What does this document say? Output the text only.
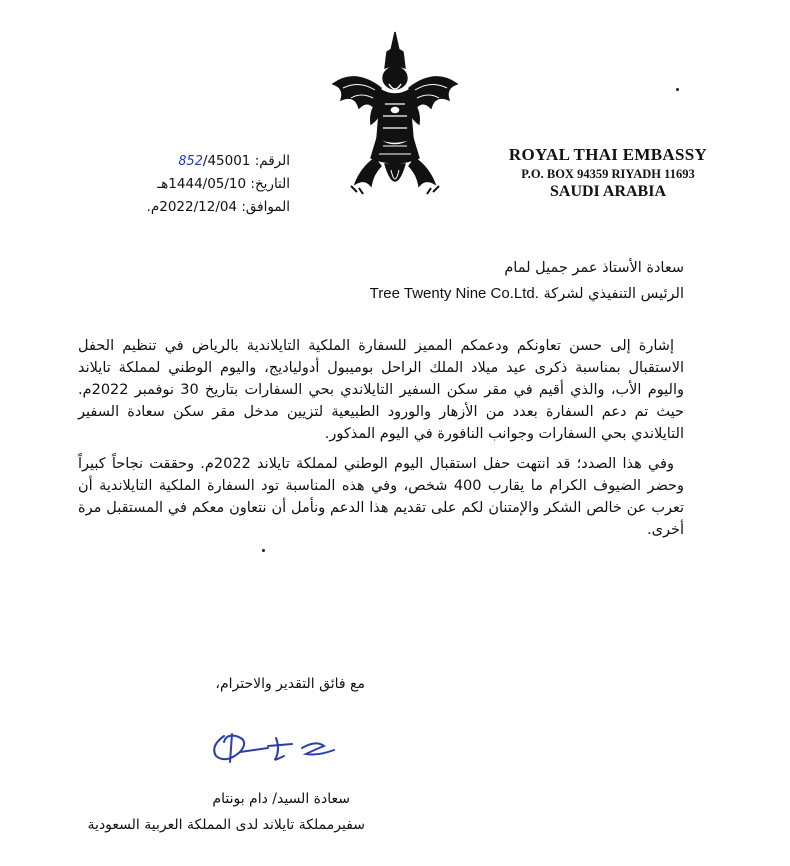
الرقم: 852/45001
التاريخ: 1444/05/10هـ
الموافق: 2022/12/04م.
ROYAL THAI EMBASSY
P.O. BOX 94359 RIYADH 11693
SAUDI ARABIA
سعادة الأستاذ عمر جميل لمام
الرئيس التنفيذي لشركة Tree Twenty Nine Co.Ltd.

إشارة إلى حسن تعاونكم ودعمكم المميز للسفارة الملكية التايلاندية بالرياض في تنظيم الحفل الاستقبال بمناسبة ذكرى عيد ميلاد الملك الراحل بوميبول أدولياديج، واليوم الوطني لمملكة تايلاند واليوم الأب، والذي أقيم في مقر سكن السفير التايلاندي بحي السفارات بتاريخ 30 نوفمبر 2022م. حيث تم دعم السفارة بعدد من الأزهار والورود الطبيعية لتزيين مدخل مقر سكن سعادة السفير التايلاندي بحي السفارات وجوانب النافورة في اليوم المذكور.

وفي هذا الصدد؛ قد انتهت حفل استقبال اليوم الوطني لمملكة تايلاند 2022م. وحققت نجاحاً كبيراً وحضر الضيوف الكرام ما يقارب 400 شخص، وفي هذه المناسبة تود السفارة الملكية التايلاندية أن تعرب عن خالص الشكر والإمتنان لكم على تقديم هذا الدعم ونأمل أن نتعاون معكم في المستقبل مرة أخرى.

مع فائق التقدير والاحترام،
سعادة السيد/ دام بونتام
سفيرمملكة تايلاند لدى المملكة العربية السعودية
